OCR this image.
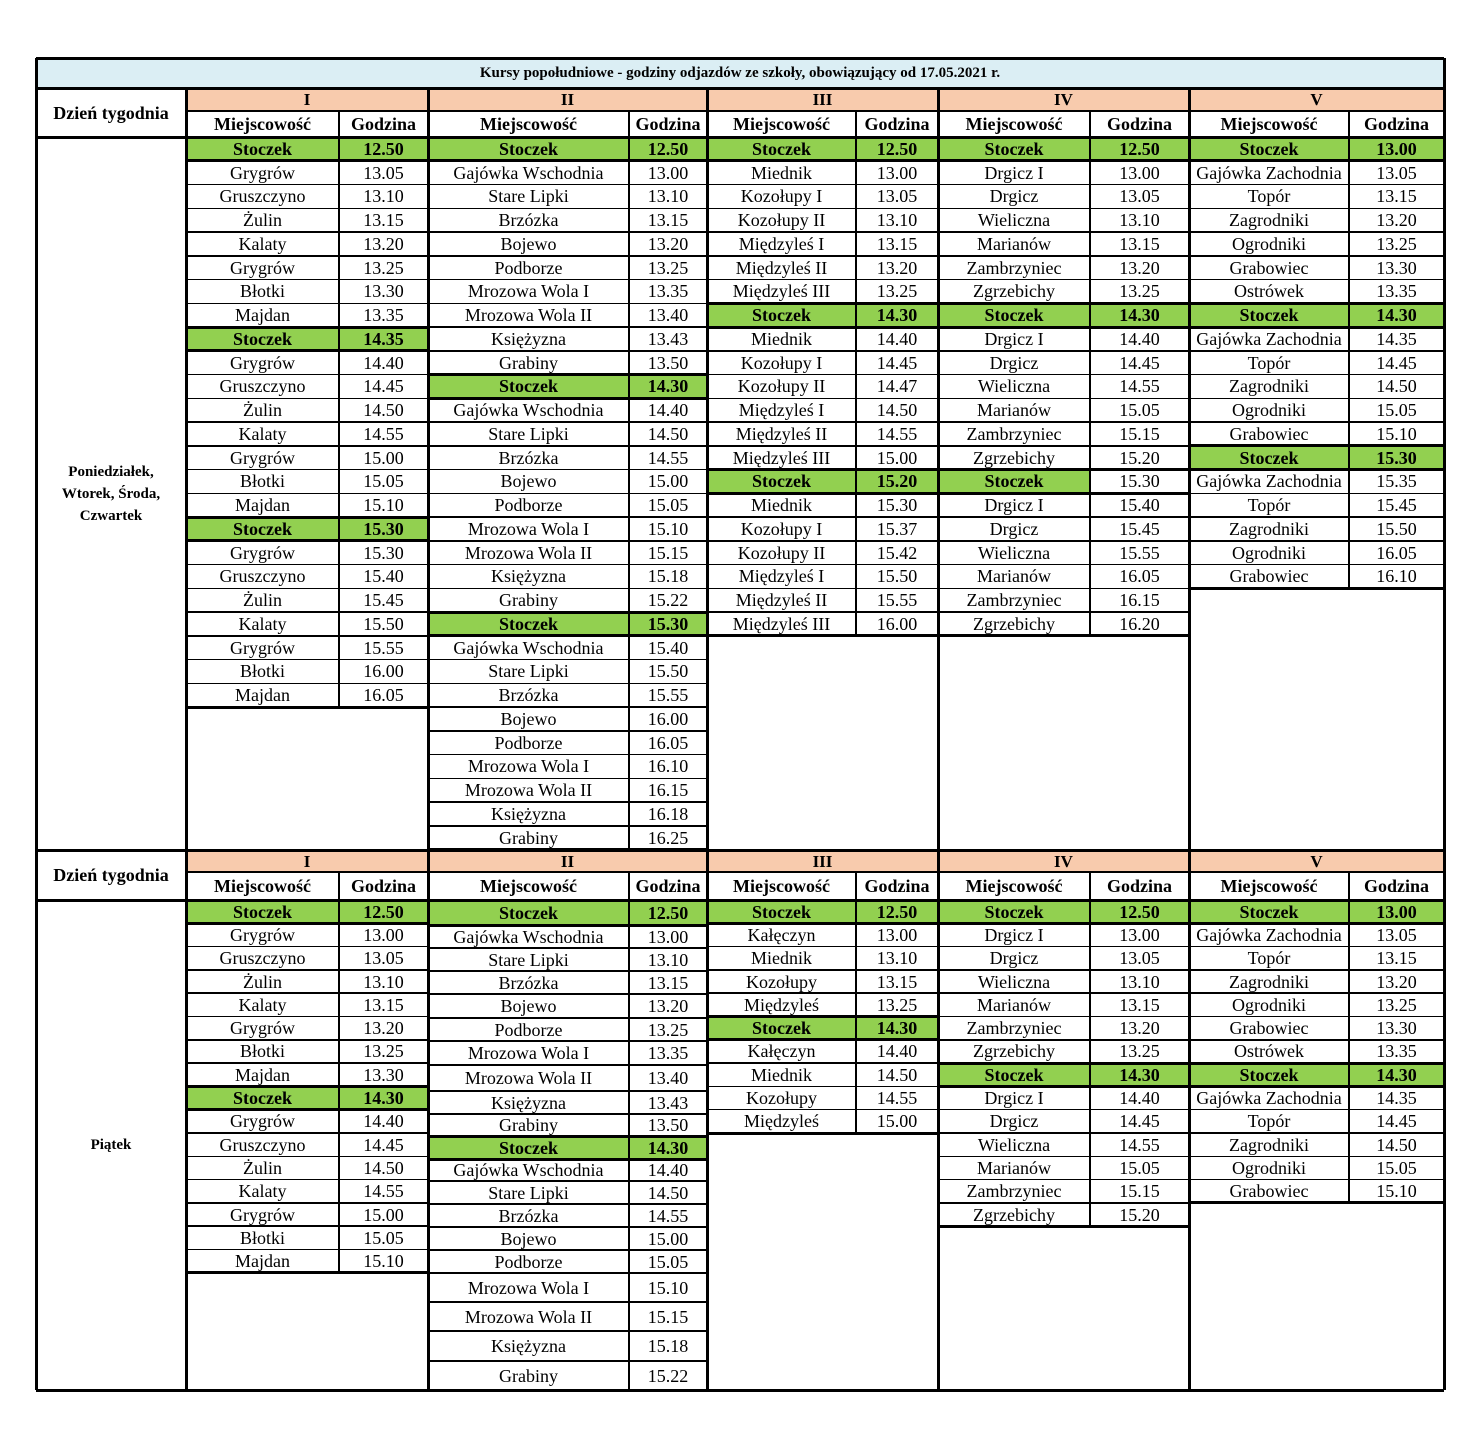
Kursy popołudniowe - godziny odjazdów ze szkoły, obowiązujący od 17.05.2021 r.
Dzień tygodnia
Poniedziałek,
Wtorek, Środa,
Czwartek
I
Miejscowość	Godzina
Stoczek	12.50
Grygrów	13.05
Gruszczyno	13.10
Żulin	13.15
Kalaty	13.20
Grygrów	13.25
Błotki	13.30
Majdan	13.35
Stoczek	14.35
Grygrów	14.40
Gruszczyno	14.45
Żulin	14.50
Kalaty	14.55
Grygrów	15.00
Błotki	15.05
Majdan	15.10
Stoczek	15.30
Grygrów	15.30
Gruszczyno	15.40
Żulin	15.45
Kalaty	15.50
Grygrów	15.55
Błotki	16.00
Majdan	16.05
II
Miejscowość	Godzina
Stoczek	12.50
Gajówka Wschodnia	13.00
Stare Lipki	13.10
Brzózka	13.15
Bojewo	13.20
Podborze	13.25
Mrozowa Wola I	13.35
Mrozowa Wola II	13.40
Księżyzna	13.43
Grabiny	13.50
Stoczek	14.30
Gajówka Wschodnia	14.40
Stare Lipki	14.50
Brzózka	14.55
Bojewo	15.00
Podborze	15.05
Mrozowa Wola I	15.10
Mrozowa Wola II	15.15
Księżyzna	15.18
Grabiny	15.22
Stoczek	15.30
Gajówka Wschodnia	15.40
Stare Lipki	15.50
Brzózka	15.55
Bojewo	16.00
Podborze	16.05
Mrozowa Wola I	16.10
Mrozowa Wola II	16.15
Księżyzna	16.18
Grabiny	16.25
III
Miejscowość	Godzina
Stoczek	12.50
Miednik	13.00
Kozołupy I	13.05
Kozołupy II	13.10
Międzyleś I	13.15
Międzyleś II	13.20
Międzyleś III	13.25
Stoczek	14.30
Miednik	14.40
Kozołupy I	14.45
Kozołupy II	14.47
Międzyleś I	14.50
Międzyleś II	14.55
Międzyleś III	15.00
Stoczek	15.20
Miednik	15.30
Kozołupy I	15.37
Kozołupy II	15.42
Międzyleś I	15.50
Międzyleś II	15.55
Międzyleś III	16.00
IV
Miejscowość	Godzina
Stoczek	12.50
Drgicz I	13.00
Drgicz	13.05
Wieliczna	13.10
Marianów	13.15
Zambrzyniec	13.20
Zgrzebichy	13.25
Stoczek	14.30
Drgicz I	14.40
Drgicz	14.45
Wieliczna	14.55
Marianów	15.05
Zambrzyniec	15.15
Zgrzebichy	15.20
Stoczek	15.30
Drgicz I	15.40
Drgicz	15.45
Wieliczna	15.55
Marianów	16.05
Zambrzyniec	16.15
Zgrzebichy	16.20
V
Miejscowość	Godzina
Stoczek	13.00
Gajówka Zachodnia	13.05
Topór	13.15
Zagrodniki	13.20
Ogrodniki	13.25
Grabowiec	13.30
Ostrówek	13.35
Stoczek	14.30
Gajówka Zachodnia	14.35
Topór	14.45
Zagrodniki	14.50
Ogrodniki	15.05
Grabowiec	15.10
Stoczek	15.30
Gajówka Zachodnia	15.35
Topór	15.45
Zagrodniki	15.50
Ogrodniki	16.05
Grabowiec	16.10
Dzień tygodnia
Piątek
I
Miejscowość	Godzina
Stoczek	12.50
Grygrów	13.00
Gruszczyno	13.05
Żulin	13.10
Kalaty	13.15
Grygrów	13.20
Błotki	13.25
Majdan	13.30
Stoczek	14.30
Grygrów	14.40
Gruszczyno	14.45
Żulin	14.50
Kalaty	14.55
Grygrów	15.00
Błotki	15.05
Majdan	15.10
II
Miejscowość	Godzina
Stoczek	12.50
Gajówka Wschodnia	13.00
Stare Lipki	13.10
Brzózka	13.15
Bojewo	13.20
Podborze	13.25
Mrozowa Wola I	13.35
Mrozowa Wola II	13.40
Księżyzna	13.43
Grabiny	13.50
Stoczek	14.30
Gajówka Wschodnia	14.40
Stare Lipki	14.50
Brzózka	14.55
Bojewo	15.00
Podborze	15.05
Mrozowa Wola I	15.10
Mrozowa Wola II	15.15
Księżyzna	15.18
Grabiny	15.22
III
Miejscowość	Godzina
Stoczek	12.50
Kałęczyn	13.00
Miednik	13.10
Kozołupy	13.15
Międzyleś	13.25
Stoczek	14.30
Kałęczyn	14.40
Miednik	14.50
Kozołupy	14.55
Międzyleś	15.00
IV
Miejscowość	Godzina
Stoczek	12.50
Drgicz I	13.00
Drgicz	13.05
Wieliczna	13.10
Marianów	13.15
Zambrzyniec	13.20
Zgrzebichy	13.25
Stoczek	14.30
Drgicz I	14.40
Drgicz	14.45
Wieliczna	14.55
Marianów	15.05
Zambrzyniec	15.15
Zgrzebichy	15.20
V
Miejscowość	Godzina
Stoczek	13.00
Gajówka Zachodnia	13.05
Topór	13.15
Zagrodniki	13.20
Ogrodniki	13.25
Grabowiec	13.30
Ostrówek	13.35
Stoczek	14.30
Gajówka Zachodnia	14.35
Topór	14.45
Zagrodniki	14.50
Ogrodniki	15.05
Grabowiec	15.10
